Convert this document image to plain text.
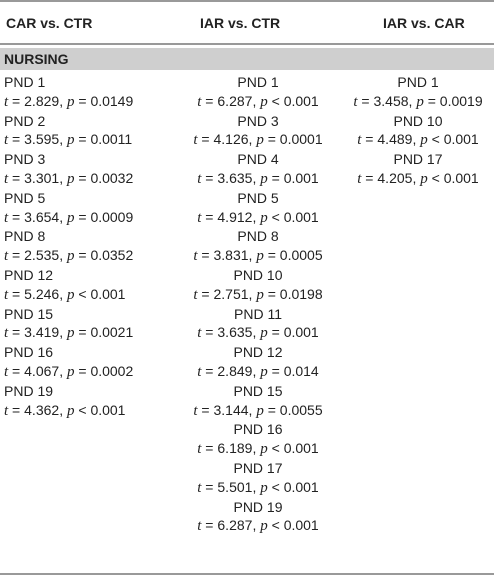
CAR vs. CTR	IAR vs. CTR	IAR vs. CAR
NURSING
PND 1
t = 2.829, p = 0.0149
PND 2
t = 3.595, p = 0.0011
PND 3
t = 3.301, p = 0.0032
PND 5
t = 3.654, p = 0.0009
PND 8
t = 2.535, p = 0.0352
PND 12
t = 5.246, p < 0.001
PND 15
t = 3.419, p = 0.0021
PND 16
t = 4.067, p = 0.0002
PND 19
t = 4.362, p < 0.001
PND 1
t = 6.287, p < 0.001
PND 3
t = 4.126, p = 0.0001
PND 4
t = 3.635, p = 0.001
PND 5
t = 4.912, p < 0.001
PND 8
t = 3.831, p = 0.0005
PND 10
t = 2.751, p = 0.0198
PND 11
t = 3.635, p = 0.001
PND 12
t = 2.849, p = 0.014
PND 15
t = 3.144, p = 0.0055
PND 16
t = 6.189, p < 0.001
PND 17
t = 5.501, p < 0.001
PND 19
t = 6.287, p < 0.001
PND 1
t = 3.458, p = 0.0019
PND 10
t = 4.489, p < 0.001
PND 17
t = 4.205, p < 0.001
